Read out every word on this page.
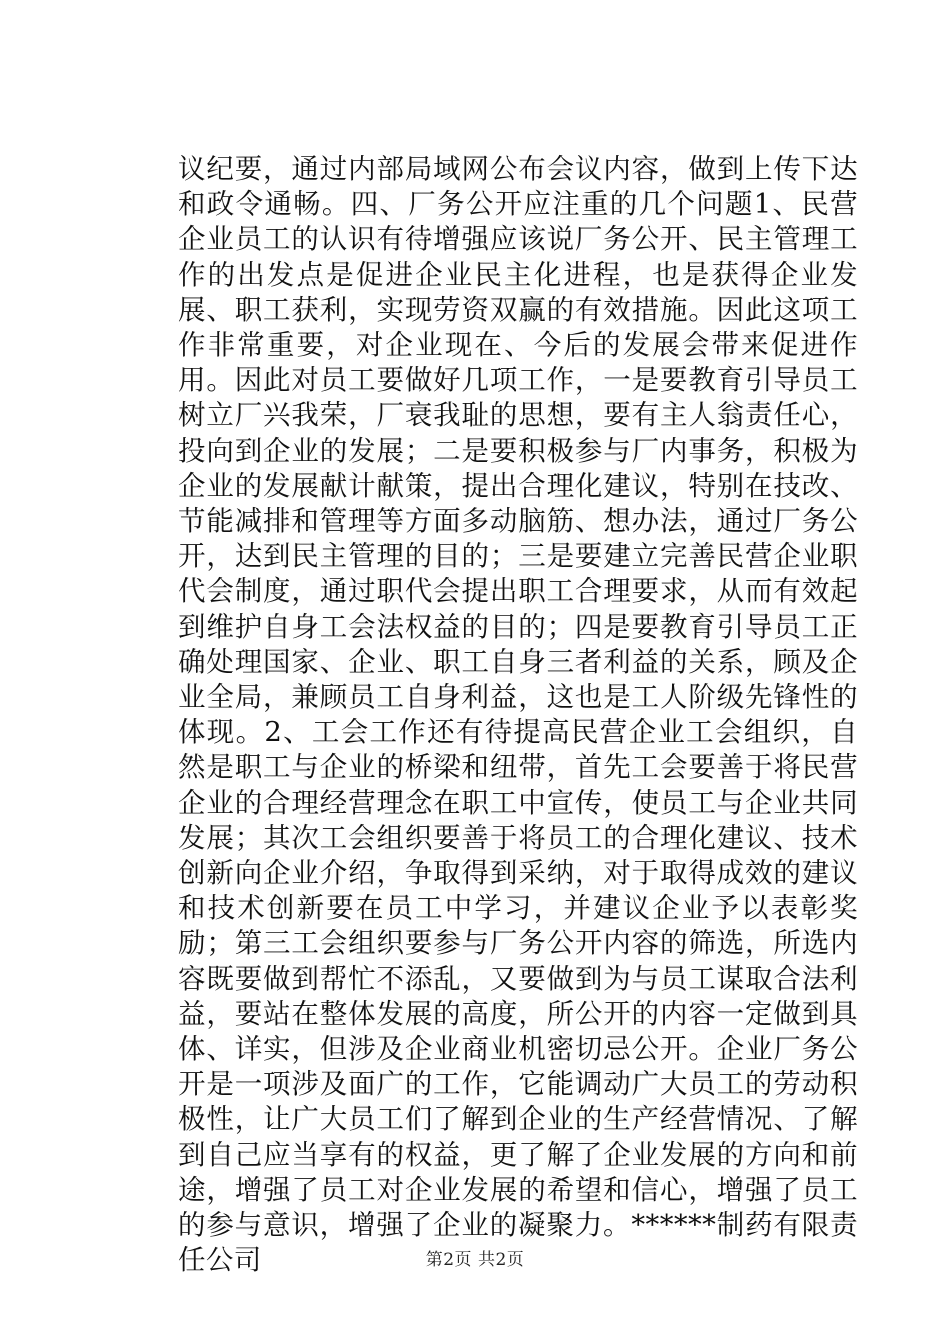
议纪要，通过内部局域网公布会议内容，做到上传下达和政令通畅。四、厂务公开应注重的几个问题1、民营企业员工的认识有待增强应该说厂务公开、民主管理工作的出发点是促进企业民主化进程，也是获得企业发展、职工获利，实现劳资双赢的有效措施。因此这项工作非常重要，对企业现在、今后的发展会带来促进作用。因此对员工要做好几项工作，一是要教育引导员工树立厂兴我荣，厂衰我耻的思想，要有主人翁责任心，投向到企业的发展；二是要积极参与厂内事务，积极为企业的发展献计献策，提出合理化建议，特别在技改、节能减排和管理等方面多动脑筋、想办法，通过厂务公开，达到民主管理的目的；三是要建立完善民营企业职代会制度，通过职代会提出职工合理要求，从而有效起到维护自身工会法权益的目的；四是要教育引导员工正确处理国家、企业、职工自身三者利益的关系，顾及企业全局，兼顾员工自身利益，这也是工人阶级先锋性的体现。2、工会工作还有待提高民营企业工会组织，自然是职工与企业的桥梁和纽带，首先工会要善于将民营企业的合理经营理念在职工中宣传，使员工与企业共同发展；其次工会组织要善于将员工的合理化建议、技术创新向企业介绍，争取得到采纳，对于取得成效的建议和技术创新要在员工中学习，并建议企业予以表彰奖励；第三工会组织要参与厂务公开内容的筛选，所选内容既要做到帮忙不添乱，又要做到为与员工谋取合法利益，要站在整体发展的高度，所公开的内容一定做到具体、详实，但涉及企业商业机密切忌公开。企业厂务公开是一项涉及面广的工作，它能调动广大员工的劳动积极性，让广大员工们了解到企业的生产经营情况、了解到自己应当享有的权益，更了解了企业发展的方向和前途，增强了员工对企业发展的希望和信心，增强了员工的参与意识，增强了企业的凝聚力。******制药有限责任公司	第2页 共2页
